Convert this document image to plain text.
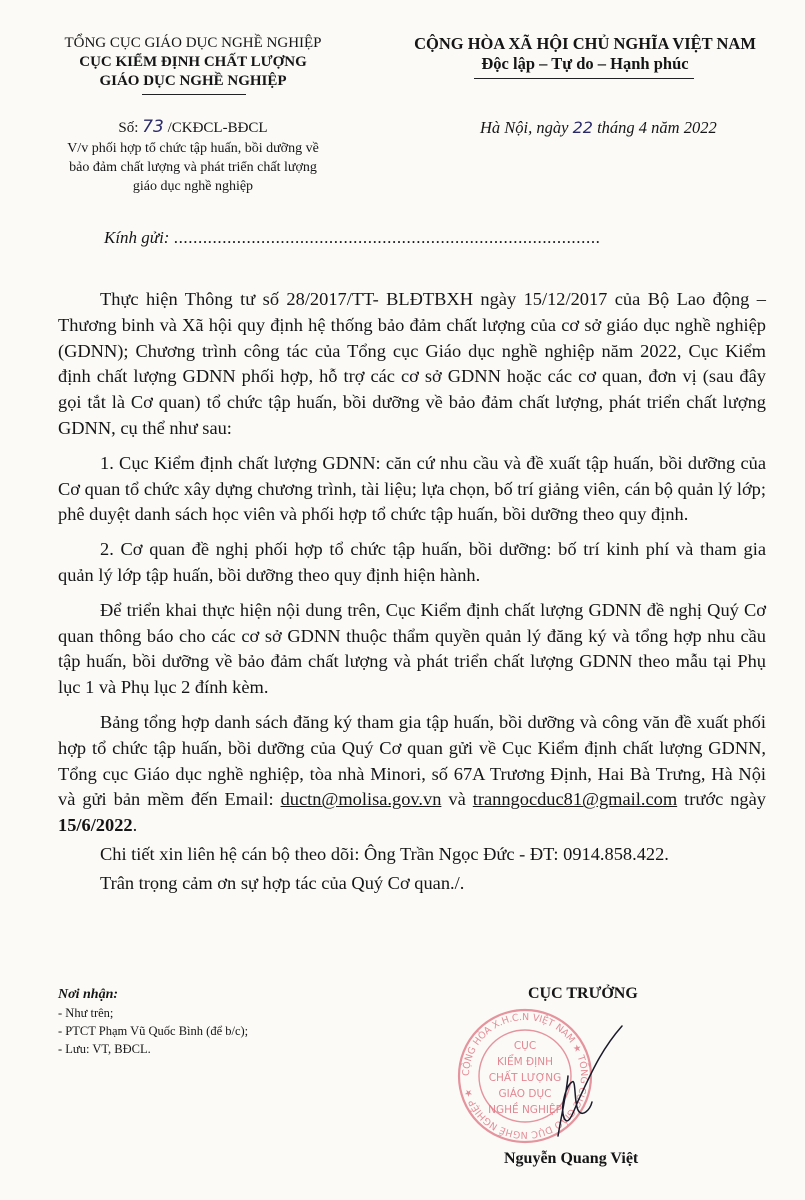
TỔNG CỤC GIÁO DỤC NGHỀ NGHIỆP
CỤC KIỂM ĐỊNH CHẤT LƯỢNG
GIÁO DỤC NGHỀ NGHIỆP
CỘNG HÒA XÃ HỘI CHỦ NGHĨA VIỆT NAM
Độc lập – Tự do – Hạnh phúc
Số: 73 /CKĐCL-BĐCL
V/v phối hợp tổ chức tập huấn, bồi dưỡng về
bảo đảm chất lượng và phát triển chất lượng
giáo dục nghề nghiệp
Hà Nội, ngày 22 tháng 4 năm 2022
Kính gửi: ........................................................................................

Thực hiện Thông tư số 28/2017/TT- BLĐTBXH ngày 15/12/2017 của Bộ Lao động – Thương binh và Xã hội quy định hệ thống bảo đảm chất lượng của cơ sở giáo dục nghề nghiệp (GDNN); Chương trình công tác của Tổng cục Giáo dục nghề nghiệp năm 2022, Cục Kiểm định chất lượng GDNN phối hợp, hỗ trợ các cơ sở GDNN hoặc các cơ quan, đơn vị (sau đây gọi tắt là Cơ quan) tổ chức tập huấn, bồi dưỡng về bảo đảm chất lượng, phát triển chất lượng GDNN, cụ thể như sau:

1. Cục Kiểm định chất lượng GDNN: căn cứ nhu cầu và đề xuất tập huấn, bồi dưỡng của Cơ quan tổ chức xây dựng chương trình, tài liệu; lựa chọn, bố trí giảng viên, cán bộ quản lý lớp; phê duyệt danh sách học viên và phối hợp tổ chức tập huấn, bồi dưỡng theo quy định.

2. Cơ quan đề nghị phối hợp tổ chức tập huấn, bồi dưỡng: bố trí kinh phí và tham gia quản lý lớp tập huấn, bồi dưỡng theo quy định hiện hành.

Để triển khai thực hiện nội dung trên, Cục Kiểm định chất lượng GDNN đề nghị Quý Cơ quan thông báo cho các cơ sở GDNN thuộc thẩm quyền quản lý đăng ký và tổng hợp nhu cầu tập huấn, bồi dưỡng về bảo đảm chất lượng và phát triển chất lượng GDNN theo mẫu tại Phụ lục 1 và Phụ lục 2 đính kèm.

Bảng tổng hợp danh sách đăng ký tham gia tập huấn, bồi dưỡng và công văn đề xuất phối hợp tổ chức tập huấn, bồi dưỡng của Quý Cơ quan gửi về Cục Kiểm định chất lượng GDNN, Tổng cục Giáo dục nghề nghiệp, tòa nhà Minori, số 67A Trương Định, Hai Bà Trưng, Hà Nội và gửi bản mềm đến Email: ductn@molisa.gov.vn và tranngocduc81@gmail.com trước ngày 15/6/2022.

Chi tiết xin liên hệ cán bộ theo dõi: Ông Trần Ngọc Đức - ĐT: 0914.858.422.

Trân trọng cảm ơn sự hợp tác của Quý Cơ quan./.

Nơi nhận:
- Như trên;
- PTCT Phạm Vũ Quốc Bình (để b/c);
- Lưu: VT, BĐCL.
CỤC TRƯỞNG
CỘNG HÒA X.H.C.N VIỆT NAM ★ TỔNG CỤC GIÁO DỤC NGHỀ NGHIỆP ★
CỤC
KIỂM ĐỊNH
CHẤT LƯỢNG
GIÁO DỤC
NGHỀ NGHIỆP
Nguyễn Quang Việt
